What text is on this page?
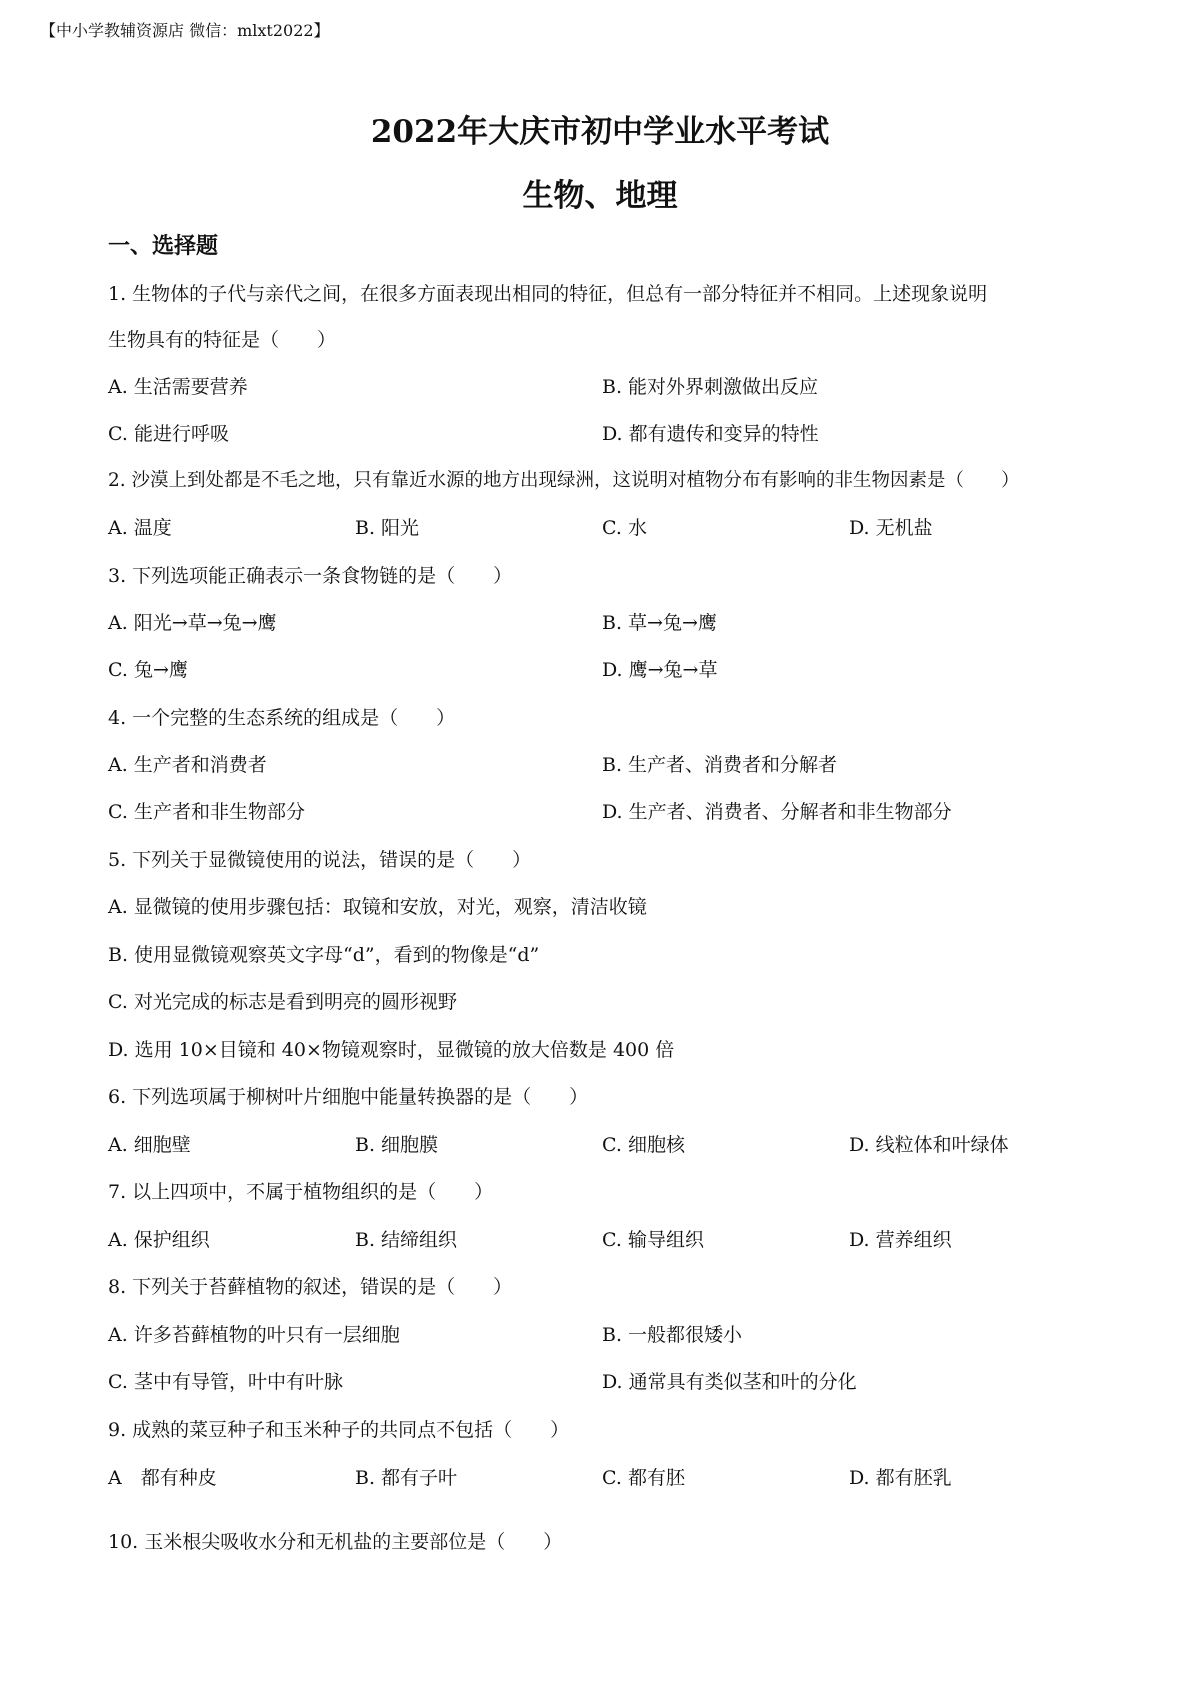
【中小学教辅资源店 微信：mlxt2022】
2022年大庆市初中学业水平考试
生物、地理
一、选择题
1. 生物体的子代与亲代之间，在很多方面表现出相同的特征，但总有一部分特征并不相同。上述现象说明
生物具有的特征是（　　）
A. 生活需要营养	B. 能对外界刺激做出反应
C. 能进行呼吸	D. 都有遗传和变异的特性
2. 沙漠上到处都是不毛之地，只有靠近水源的地方出现绿洲，这说明对植物分布有影响的非生物因素是（　　）
A. 温度	B. 阳光	C. 水	D. 无机盐
3. 下列选项能正确表示一条食物链的是（　　）
A. 阳光→草→兔→鹰	B. 草→兔→鹰
C. 兔→鹰	D. 鹰→兔→草
4. 一个完整的生态系统的组成是（　　）
A. 生产者和消费者	B. 生产者、消费者和分解者
C. 生产者和非生物部分	D. 生产者、消费者、分解者和非生物部分
5. 下列关于显微镜使用的说法，错误的是（　　）
A. 显微镜的使用步骤包括：取镜和安放，对光，观察，清洁收镜
B. 使用显微镜观察英文字母“d”，看到的物像是“d”
C. 对光完成的标志是看到明亮的圆形视野
D. 选用 10×目镜和 40×物镜观察时，显微镜的放大倍数是 400 倍
6. 下列选项属于柳树叶片细胞中能量转换器的是（　　）
A. 细胞壁	B. 细胞膜	C. 细胞核	D. 线粒体和叶绿体
7. 以上四项中，不属于植物组织的是（　　）
A. 保护组织	B. 结缔组织	C. 输导组织	D. 营养组织
8. 下列关于苔藓植物的叙述，错误的是（　　）
A. 许多苔藓植物的叶只有一层细胞	B. 一般都很矮小
C. 茎中有导管，叶中有叶脉	D. 通常具有类似茎和叶的分化
9. 成熟的菜豆种子和玉米种子的共同点不包括（　　）
A　都有种皮	B. 都有子叶	C. 都有胚	D. 都有胚乳
10. 玉米根尖吸收水分和无机盐的主要部位是（　　）
